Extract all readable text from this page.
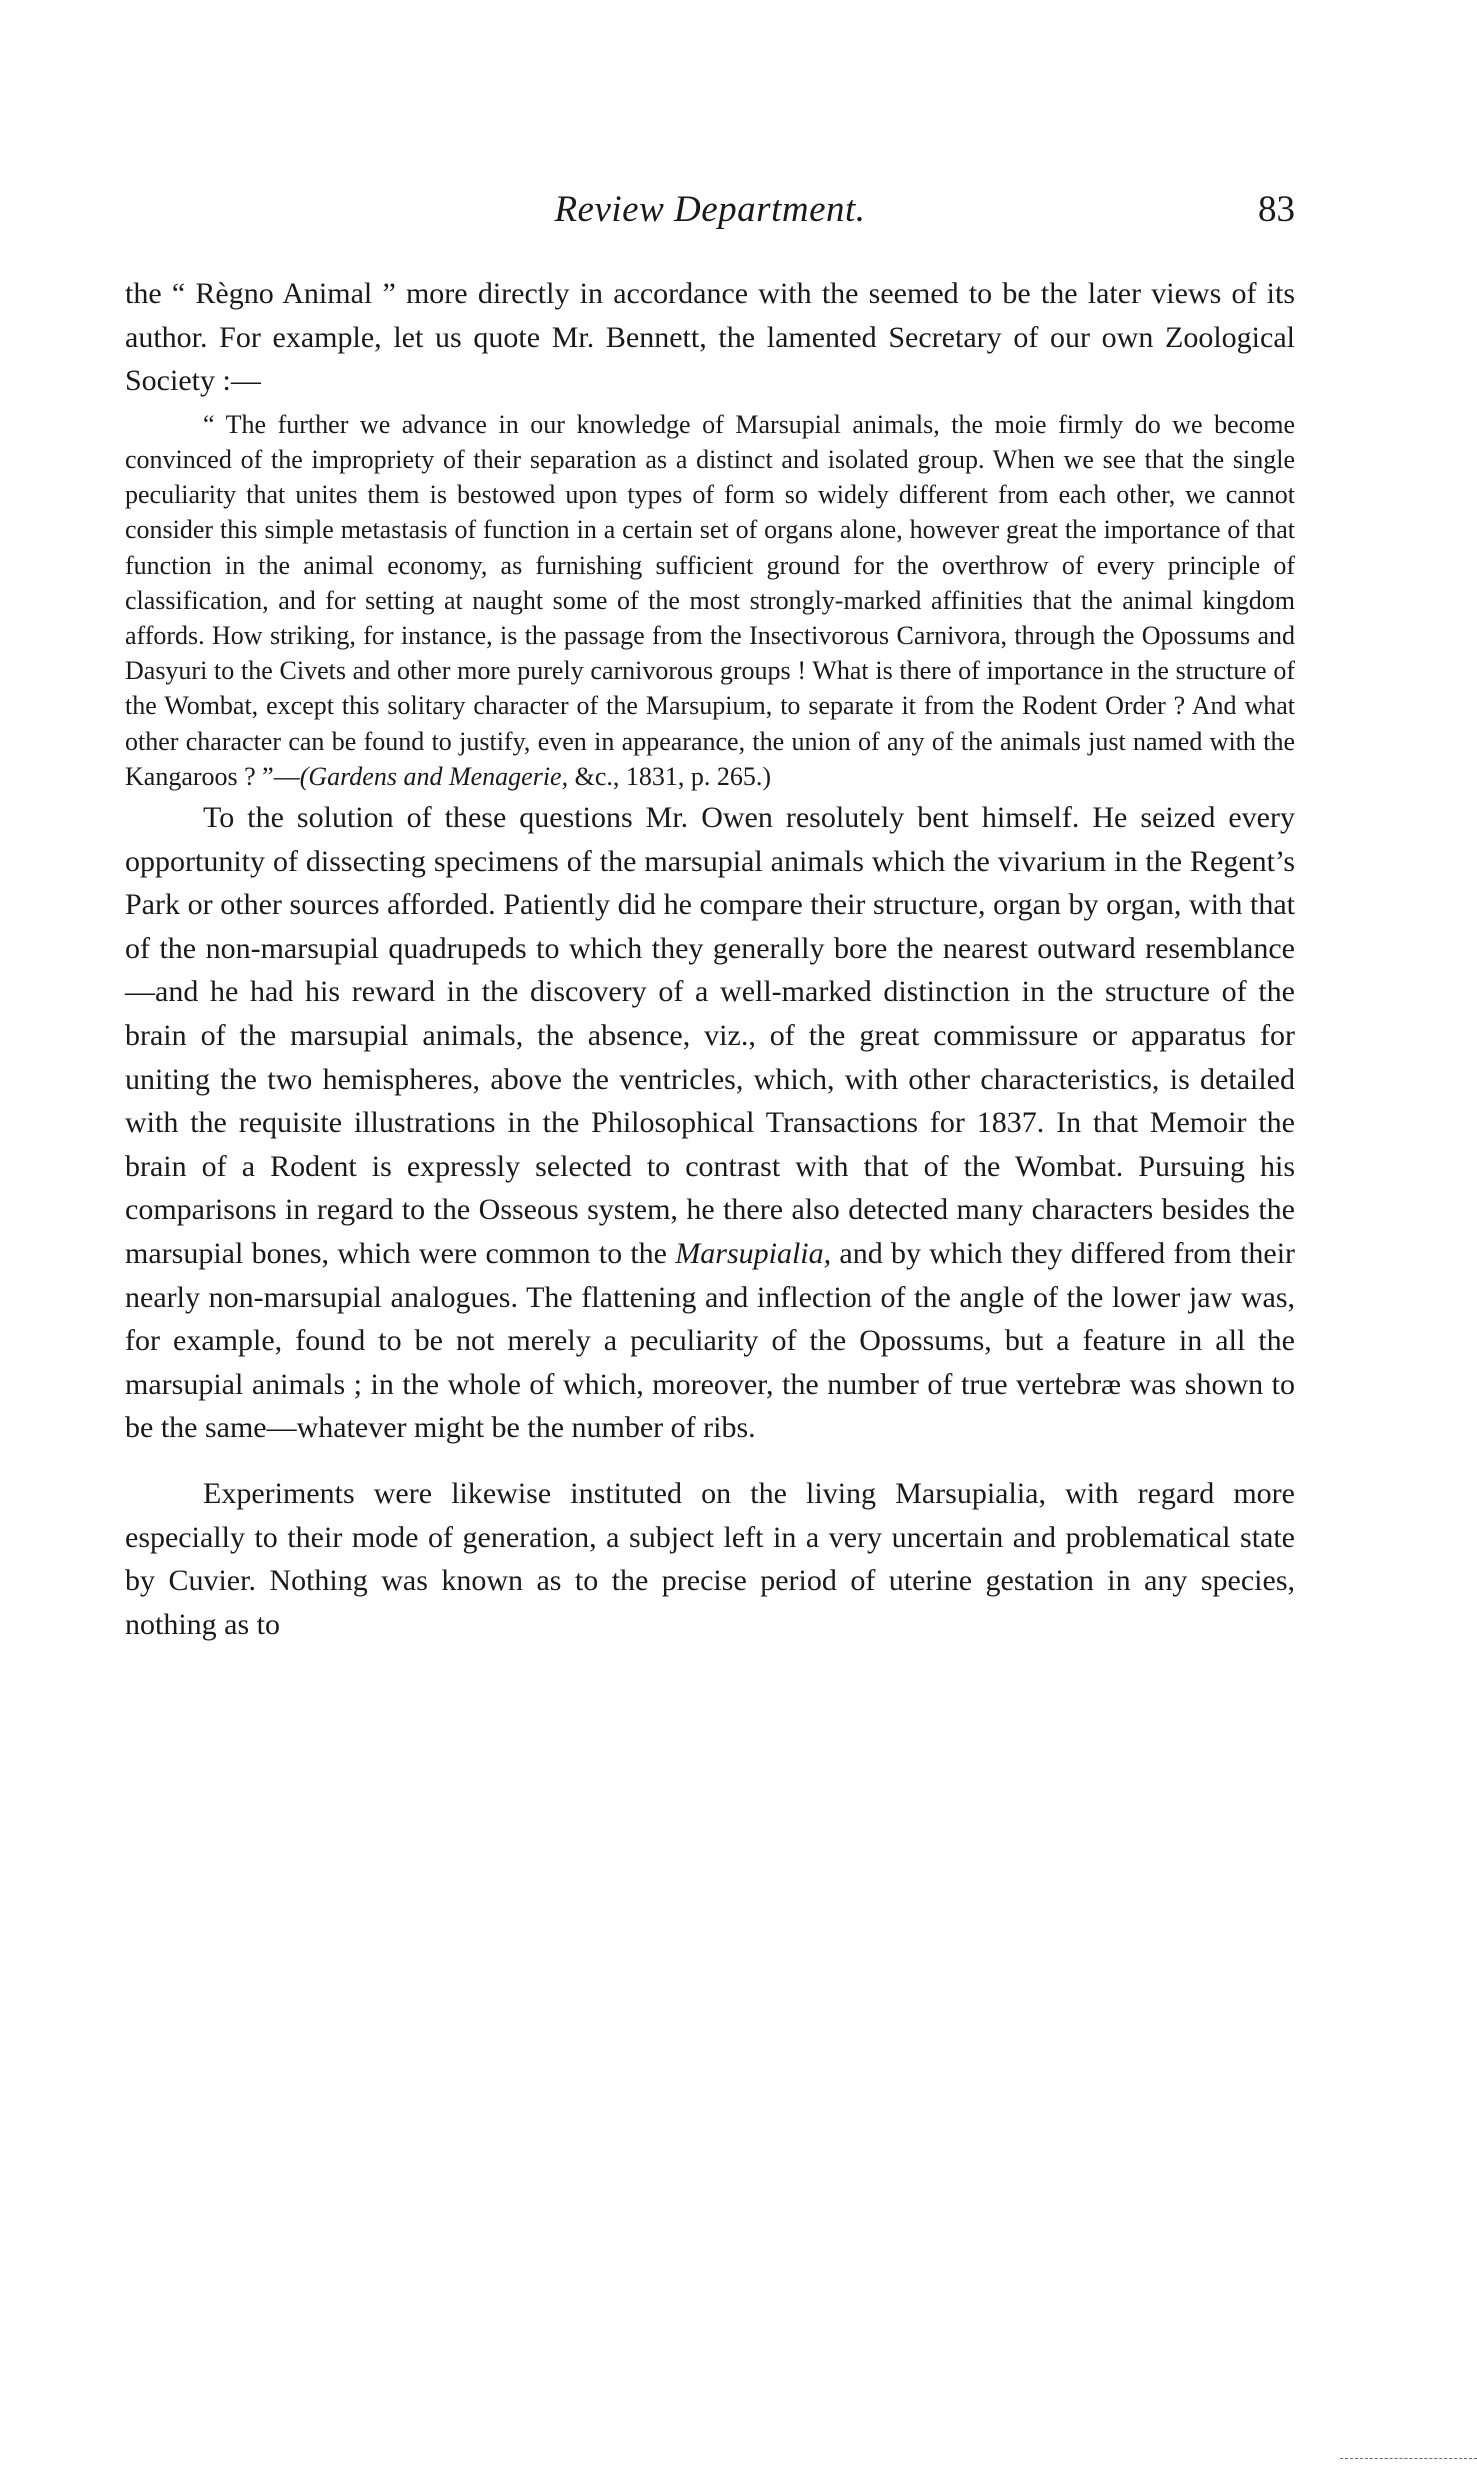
Review Department.	83

the “ Règno Animal ” more directly in accordance with the seemed to be the later views of its author. For example, let us quote Mr. Bennett, the lamented Secretary of our own Zoological Society :—

“ The further we advance in our knowledge of Marsupial animals, the moie firmly do we become convinced of the impropriety of their separation as a distinct and isolated group. When we see that the single peculiarity that unites them is bestowed upon types of form so widely different from each other, we cannot consider this simple metastasis of function in a certain set of organs alone, however great the importance of that function in the animal economy, as furnishing sufficient ground for the overthrow of every principle of classification, and for setting at naught some of the most strongly-marked affinities that the animal kingdom affords. How striking, for instance, is the passage from the Insectivorous Carnivora, through the Opossums and Dasyuri to the Civets and other more purely carnivorous groups ! What is there of importance in the structure of the Wombat, except this solitary character of the Marsupium, to separate it from the Rodent Order ? And what other character can be found to justify, even in appearance, the union of any of the animals just named with the Kangaroos ? ”—(Gardens and Menagerie, &c., 1831, p. 265.)

To the solution of these questions Mr. Owen resolutely bent himself. He seized every opportunity of dissecting specimens of the marsupial animals which the vivarium in the Regent’s Park or other sources afforded. Patiently did he compare their structure, organ by organ, with that of the non-marsupial quadrupeds to which they generally bore the nearest outward resemblance—and he had his reward in the discovery of a well-marked distinction in the structure of the brain of the marsupial animals, the absence, viz., of the great commissure or apparatus for uniting the two hemispheres, above the ventricles, which, with other characteristics, is detailed with the requisite illustrations in the Philosophical Transactions for 1837. In that Memoir the brain of a Rodent is expressly selected to contrast with that of the Wombat. Pursuing his comparisons in regard to the Osseous system, he there also detected many characters besides the marsupial bones, which were common to the Marsupialia, and by which they differed from their nearly non-marsupial analogues. The flattening and inflection of the angle of the lower jaw was, for example, found to be not merely a peculiarity of the Opossums, but a feature in all the marsupial animals ; in the whole of which, moreover, the number of true vertebræ was shown to be the same—whatever might be the number of ribs.

Experiments were likewise instituted on the living Marsupialia, with regard more especially to their mode of generation, a subject left in a very uncertain and problematical state by Cuvier. Nothing was known as to the precise period of uterine gestation in any species, nothing as to
